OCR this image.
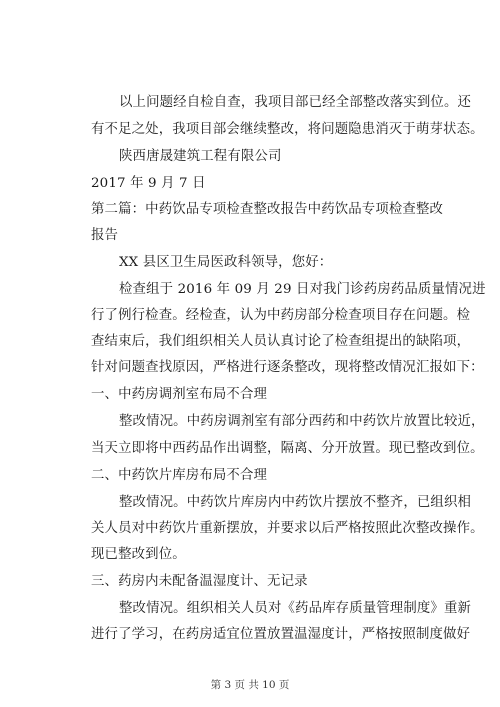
以上问题经自检自查，我项目部已经全部整改落实到位。还
有不足之处，我项目部会继续整改，将问题隐患消灭于萌芽状态。
陕西唐晟建筑工程有限公司
2017 年 9 月 7 日
第二篇：中药饮品专项检查整改报告中药饮品专项检查整改
报告
XX 县区卫生局医政科领导，您好：
检查组于 2016 年 09 月 29 日对我门诊药房药品质量情况进
行了例行检查。经检查，认为中药房部分检查项目存在问题。检
查结束后，我们组织相关人员认真讨论了检查组提出的缺陷项，
针对问题查找原因，严格进行逐条整改，现将整改情况汇报如下：
一、中药房调剂室布局不合理
整改情况。中药房调剂室有部分西药和中药饮片放置比较近，
当天立即将中西药品作出调整，隔离、分开放置。现已整改到位。
二、中药饮片库房布局不合理
整改情况。中药饮片库房内中药饮片摆放不整齐，已组织相
关人员对中药饮片重新摆放，并要求以后严格按照此次整改操作。
现已整改到位。
三、药房内未配备温湿度计、无记录
整改情况。组织相关人员对《药品库存质量管理制度》重新
进行了学习，在药房适宜位置放置温湿度计，严格按照制度做好
第 3 页 共 10 页
